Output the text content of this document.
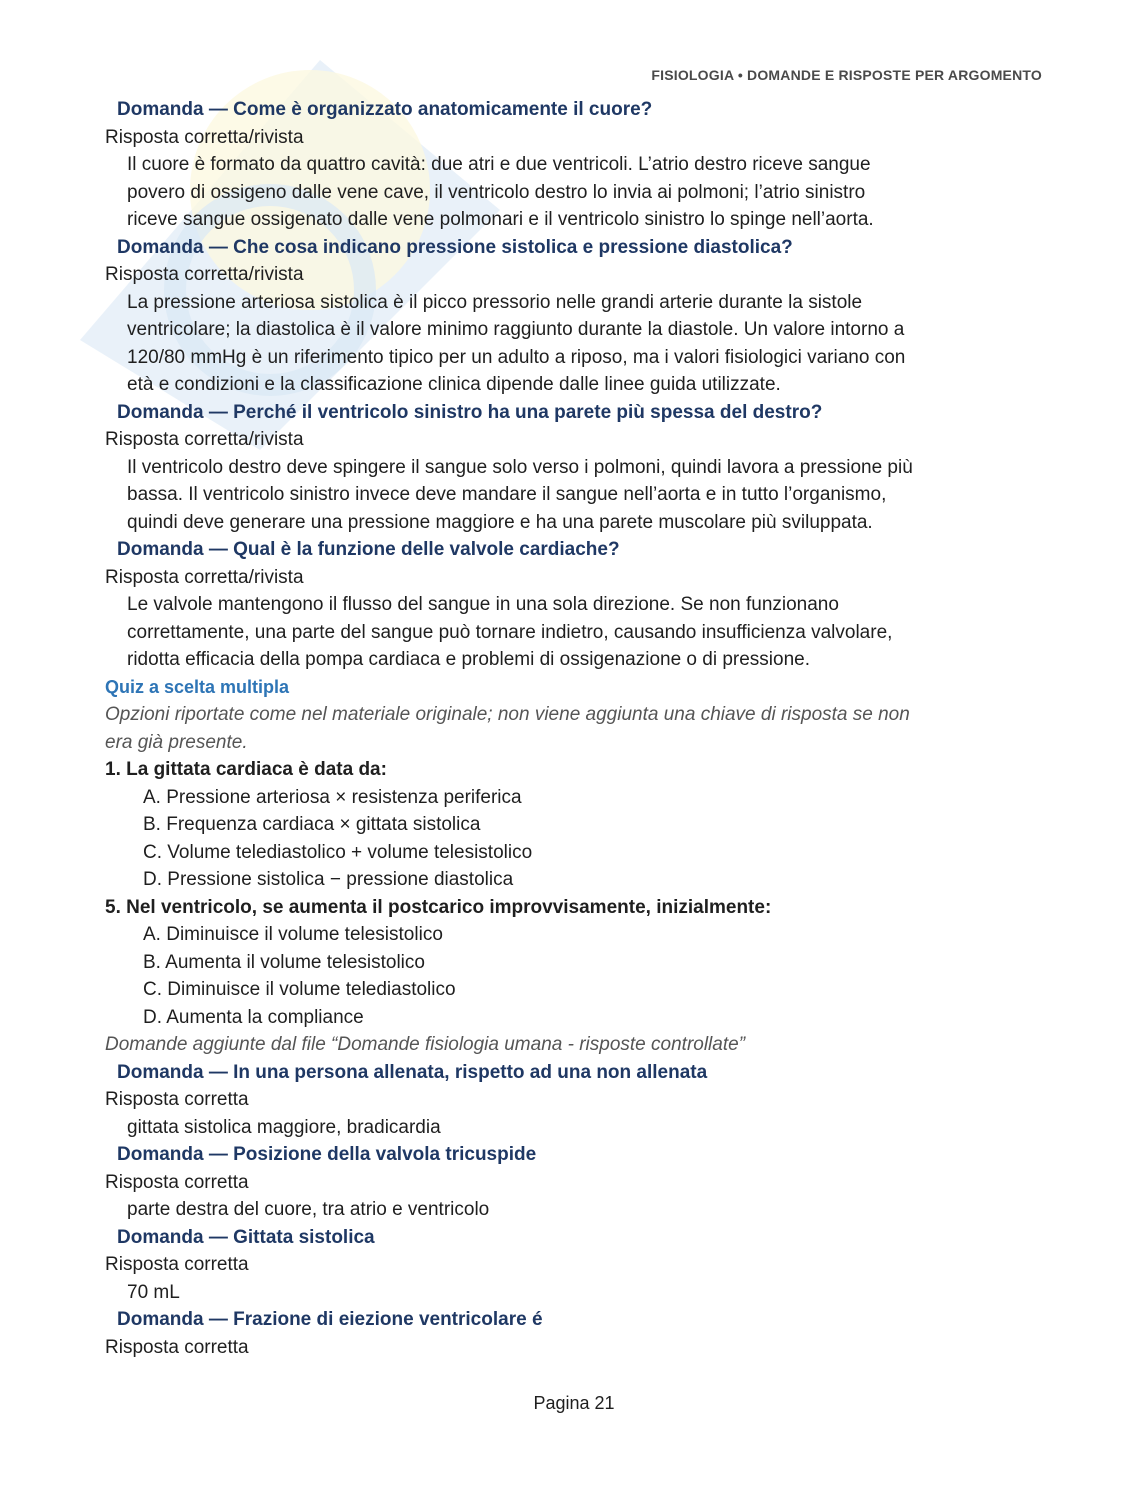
FISIOLOGIA • DOMANDE E RISPOSTE PER ARGOMENTO
Domanda — Come è organizzato anatomicamente il cuore?
Risposta corretta/rivista
Il cuore è formato da quattro cavità: due atri e due ventricoli. L’atrio destro riceve sangue
povero di ossigeno dalle vene cave, il ventricolo destro lo invia ai polmoni; l’atrio sinistro
riceve sangue ossigenato dalle vene polmonari e il ventricolo sinistro lo spinge nell’aorta.
Domanda — Che cosa indicano pressione sistolica e pressione diastolica?
Risposta corretta/rivista
La pressione arteriosa sistolica è il picco pressorio nelle grandi arterie durante la sistole
ventricolare; la diastolica è il valore minimo raggiunto durante la diastole. Un valore intorno a
120/80 mmHg è un riferimento tipico per un adulto a riposo, ma i valori fisiologici variano con
età e condizioni e la classificazione clinica dipende dalle linee guida utilizzate.
Domanda — Perché il ventricolo sinistro ha una parete più spessa del destro?
Risposta corretta/rivista
Il ventricolo destro deve spingere il sangue solo verso i polmoni, quindi lavora a pressione più
bassa. Il ventricolo sinistro invece deve mandare il sangue nell’aorta e in tutto l’organismo,
quindi deve generare una pressione maggiore e ha una parete muscolare più sviluppata.
Domanda — Qual è la funzione delle valvole cardiache?
Risposta corretta/rivista
Le valvole mantengono il flusso del sangue in una sola direzione. Se non funzionano
correttamente, una parte del sangue può tornare indietro, causando insufficienza valvolare,
ridotta efficacia della pompa cardiaca e problemi di ossigenazione o di pressione.
Quiz a scelta multipla
Opzioni riportate come nel materiale originale; non viene aggiunta una chiave di risposta se non
era già presente.
1. La gittata cardiaca è data da:
A. Pressione arteriosa × resistenza periferica
B. Frequenza cardiaca × gittata sistolica
C. Volume telediastolico + volume telesistolico
D. Pressione sistolica − pressione diastolica
5. Nel ventricolo, se aumenta il postcarico improvvisamente, inizialmente:
A. Diminuisce il volume telesistolico
B. Aumenta il volume telesistolico
C. Diminuisce il volume telediastolico
D. Aumenta la compliance
Domande aggiunte dal file “Domande fisiologia umana - risposte controllate”
Domanda — In una persona allenata, rispetto ad una non allenata
Risposta corretta
gittata sistolica maggiore, bradicardia
Domanda — Posizione della valvola tricuspide
Risposta corretta
parte destra del cuore, tra atrio e ventricolo
Domanda — Gittata sistolica
Risposta corretta
70 mL
Domanda — Frazione di eiezione ventricolare é
Risposta corretta
Pagina 21
